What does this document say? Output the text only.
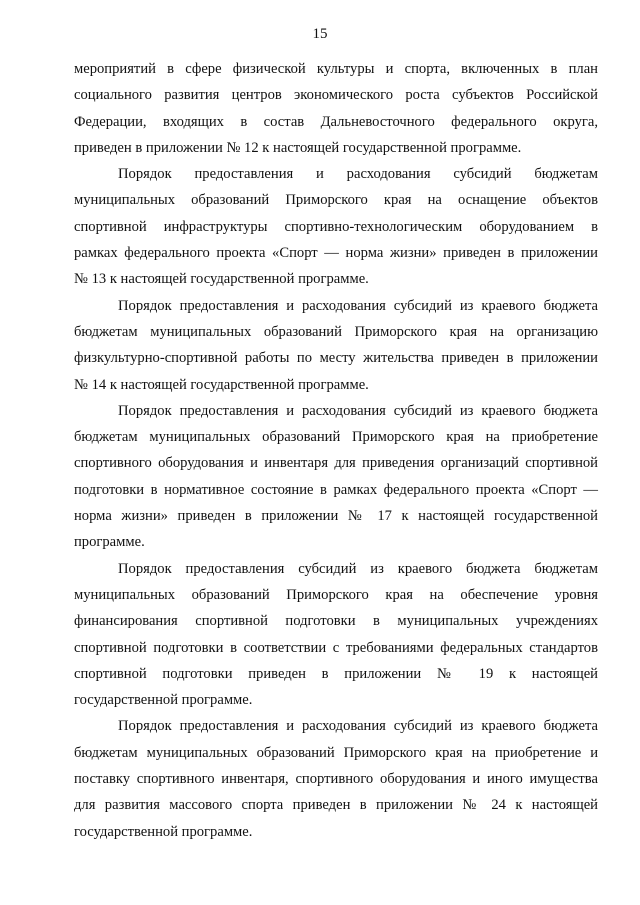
15
мероприятий в сфере физической культуры и спорта, включенных в план
социального развития центров экономического роста субъектов Российской
Федерации, входящих в состав Дальневосточного федерального округа,
приведен в приложении № 12 к настоящей государственной программе.
Порядок предоставления и расходования субсидий бюджетам
муниципальных образований Приморского края на оснащение объектов
спортивной инфраструктуры спортивно-технологическим оборудованием в
рамках федерального проекта «Спорт — норма жизни» приведен в приложении
№ 13 к настоящей государственной программе.
Порядок предоставления и расходования субсидий из краевого бюджета
бюджетам муниципальных образований Приморского края на организацию
физкультурно-спортивной работы по месту жительства приведен в приложении
№ 14 к настоящей государственной программе.
Порядок предоставления и расходования субсидий из краевого бюджета
бюджетам муниципальных образований Приморского края на приобретение
спортивного оборудования и инвентаря для приведения организаций спортивной
подготовки в нормативное состояние в рамках федерального проекта «Спорт —
норма жизни» приведен в приложении № 17 к настоящей государственной
программе.
Порядок предоставления субсидий из краевого бюджета бюджетам
муниципальных образований Приморского края на обеспечение уровня
финансирования спортивной подготовки в муниципальных учреждениях
спортивной подготовки в соответствии с требованиями федеральных стандартов
спортивной подготовки приведен в приложении № 19 к настоящей
государственной программе.
Порядок предоставления и расходования субсидий из краевого бюджета
бюджетам муниципальных образований Приморского края на приобретение и
поставку спортивного инвентаря, спортивного оборудования и иного имущества
для развития массового спорта приведен в приложении № 24 к настоящей
государственной программе.
